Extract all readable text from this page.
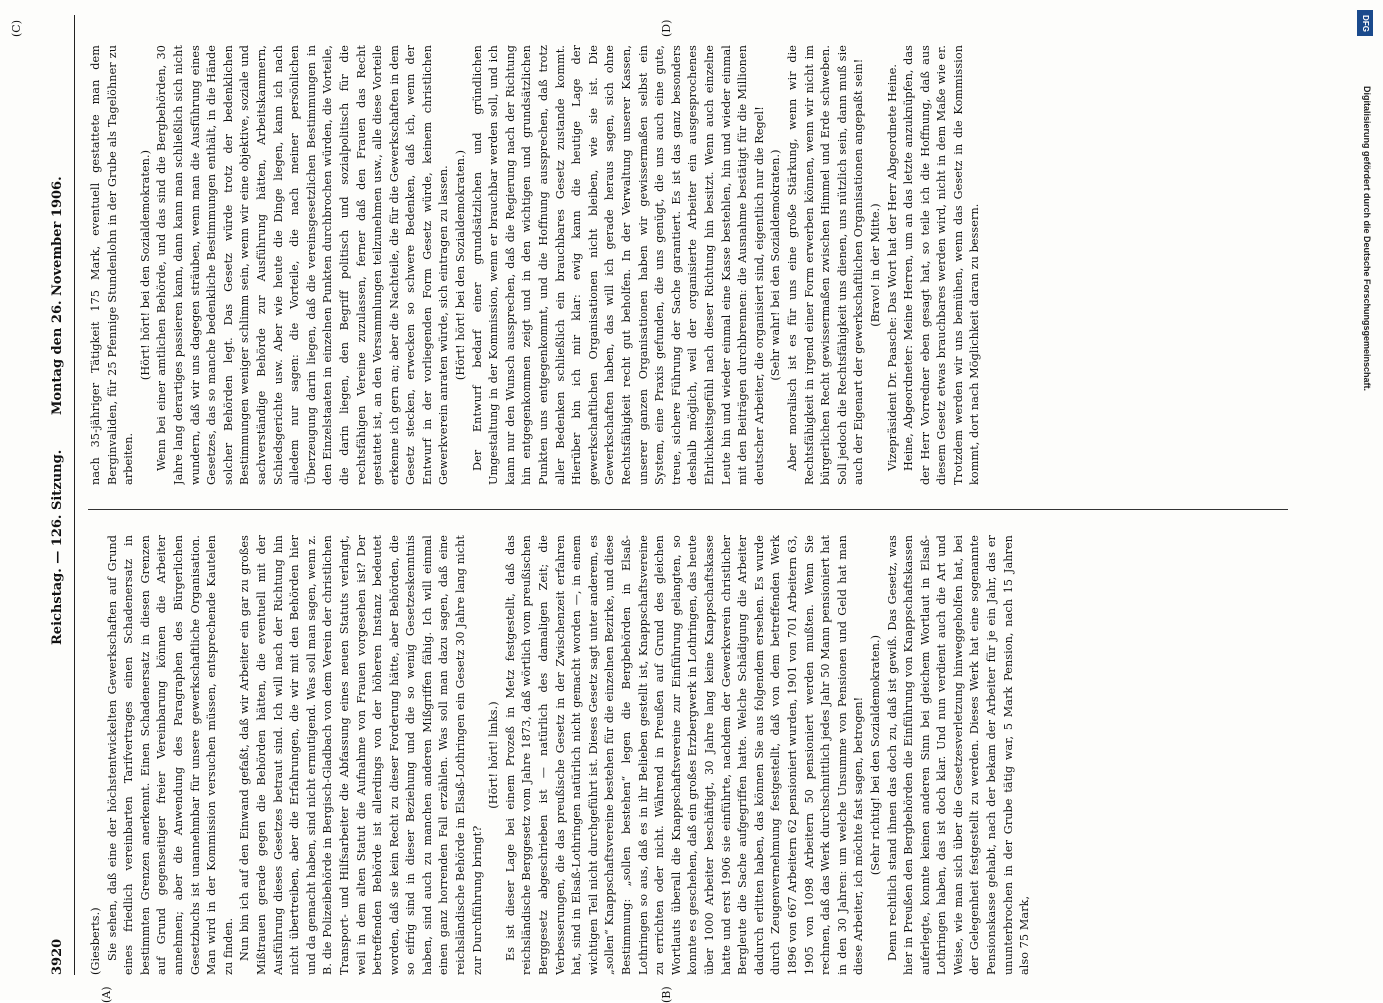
3920
Reichstag. — 126. Sitzung.
Montag den 26. November 1906.
(A)	(B)
(C)	(D)

(Giesberts.) Sie sehen, daß eine der höchstentwickelten Gewerkschaften auf Grund eines friedlich vereinbarten Tarifvertrages einen Schadenersatz in bestimmten Grenzen anerkennt. Einen Schadenersatz in diesen Grenzen auf Grund gegenseitiger freier Vereinbarung können die Arbeiter annehmen; aber die Anwendung des Paragraphen des Bürgerlichen Gesetzbuchs ist unannehmbar für unsere gewerkschaftliche Organisation. Man wird in der Kommission versuchen müssen, entsprechende Kautelen zu finden. Nun bin ich auf den Einwand gefaßt, daß wir Arbeiter ein gar zu großes Mißtrauen gerade gegen die Behörden hätten, die eventuell mit der Ausführung dieses Gesetzes betraut sind. Ich will nach der Richtung hin nicht übertreiben, aber die Erfahrungen, die wir mit den Behörden hier und da gemacht haben, sind nicht ermutigend. Was soll man sagen, wenn z. B. die Polizeibehörde in Bergisch-Gladbach von dem Verein der christlichen Transport- und Hilfsarbeiter die Abfassung eines neuen Statuts verlangt, weil in dem alten Statut die Aufnahme von Frauen vorgesehen ist? Der betreffenden Behörde ist allerdings von der höheren Instanz bedeutet worden, daß sie kein Recht zu dieser Forderung hätte, aber Behörden, die so eifrig sind in dieser Beziehung und die so wenig Gesetzeskenntnis haben, sind auch zu manchen anderen Mißgriffen fähig. Ich will einmal einen ganz horrenden Fall erzählen. Was soll man dazu sagen, daß eine reichsländische Behörde in Elsaß-Lothringen ein Gesetz 30 Jahre lang nicht zur Durchführung bringt?

(Hört! hört! links.) Es ist dieser Lage bei einem Prozeß in Metz festgestellt, daß das reichsländische Berggesetz vom Jahre 1873, daß wörtlich vom preußischen Berggesetz abgeschrieben ist — natürlich des damaligen Zeit; die Verbesserungen, die das preußische Gesetz in der Zwischenzeit erfahren hat, sind in Elsaß-Lothringen natürlich nicht gemacht worden —, in einem wichtigen Teil nicht durchgeführt ist. Dieses Gesetz sagt unter anderem, es „sollen“ Knappschaftsvereine bestehen für die einzelnen Bezirke, und diese Bestimmung: „sollen bestehen“ legen die Bergbehörden in Elsaß-Lothringen so aus, daß es in ihr Belieben gestellt ist, Knappschaftsvereine zu errichten oder nicht. Während in Preußen auf Grund des gleichen Wortlauts überall die Knappschaftsvereine zur Einführung gelangten, so konnte es geschehen, daß ein großes Erzbergwerk in Lothringen, das heute über 1000 Arbeiter beschäftigt, 30 Jahre lang keine Knappschaftskasse hatte und erst 1906 sie einführte, nachdem der Gewerkverein christlicher Bergleute die Sache aufgegriffen hatte. Welche Schädigung die Arbeiter dadurch erlitten haben, das können Sie aus folgendem ersehen. Es wurde durch Zeugenvernehmung festgestellt, daß von dem betreffenden Werk 1896 von 667 Arbeitern 62 pensioniert wurden, 1901 von 701 Arbeitern 63, 1905 von 1098 Arbeitern 50 pensioniert werden mußten. Wenn Sie rechnen, daß das Werk durchschnittlich jedes Jahr 50 Mann pensioniert hat in den 30 Jahren: um welche Unsumme von Pensionen und Geld hat man diese Arbeiter, ich möchte fast sagen, betrogen! (Sehr richtig! bei den Sozialdemokraten.) Denn rechtlich stand ihnen das doch zu, daß ist gewiß. Das Gesetz, was hier in Preußen den Bergbehörden die Einführung von Knappschaftskassen auferlegte, konnte keinen anderen Sinn bei gleichem Wortlaut in Elsaß-Lothringen haben, das ist doch klar. Und nun verdient auch die Art und Weise, wie man sich über die Gesetzesverletzung hinweggeholfen hat, bei der Gelegenheit festgestellt zu werden. Dieses Werk hat eine sogenannte Pensionskasse gehabt, nach der bekam der Arbeiter für je ein Jahr, das er ununterbrochen in der Grube tätig war, 5 Mark Pension, nach 15 Jahren also 75 Mark,

nach 35-jähriger Tätigkeit 175 Mark, eventuell gestattete man dem Berginvaliden, für 25 Pfennige Stundenlohn in der Grube als Tagelöhner zu arbeiten.

(Hört! hört! bei den Sozialdemokraten.) Wenn bei einer amtlichen Behörde, und das sind die Bergbehörden, 30 Jahre lang derartiges passieren kann, dann kann man schließlich sich nicht wundern, daß wir uns dagegen sträuben, wenn man die Ausführung eines Gesetzes, das so manche bedenkliche Bestimmungen enthält, in die Hände solcher Behörden legt. Das Gesetz würde trotz der bedenklichen Bestimmungen weniger schlimm sein, wenn wir eine objektive, soziale und sachverständige Behörde zur Ausführung hätten, Arbeitskammern, Schiedsgerichte usw. Aber wie heute die Dinge liegen, kann ich nach alledem nur sagen: die Vorteile, die nach meiner persönlichen Überzeugung darin liegen, daß die vereinsgesetzlichen Bestimmungen in den Einzelstaaten in einzelnen Punkten durchbrochen würden, die Vorteile, die darin liegen, den Begriff politisch und sozialpolitisch für die rechtsfähigen Vereine zuzulassen, ferner daß den Frauen das Recht gestattet ist, an den Versammlungen teilzunehmen usw., alle diese Vorteile erkenne ich gern an; aber die Nachteile, die für die Gewerkschaften in dem Gesetz stecken, erwecken so schwere Bedenken, daß ich, wenn der Entwurf in der vorliegenden Form Gesetz würde, keinem christlichen Gewerkverein anraten würde, sich eintragen zu lassen. (Hört! hört! bei den Sozialdemokraten.) Der Entwurf bedarf einer grundsätzlichen und gründlichen Umgestaltung in der Kommission, wenn er brauchbar werden soll, und ich kann nur den Wunsch aussprechen, daß die Regierung nach der Richtung hin entgegenkommen zeigt und in den wichtigen und grundsätzlichen Punkten uns entgegenkommt, und die Hoffnung aussprechen, daß trotz aller Bedenken schließlich ein brauchbares Gesetz zustande kommt. Hierüber bin ich mir klar: ewig kann die heutige Lage der gewerkschaftlichen Organisationen nicht bleiben, wie sie ist. Die Gewerkschaften haben, das will ich gerade heraus sagen, sich ohne Rechtsfähigkeit recht gut beholfen. In der Verwaltung unserer Kassen, unserer ganzen Organisationen haben wir gewissermaßen selbst ein System, eine Praxis gefunden, die uns genügt, die uns auch eine gute, treue, sichere Führung der Sache garantiert. Es ist das ganz besonders deshalb möglich, weil der organisierte Arbeiter ein ausgesprochenes Ehrlichkeitsgefühl nach dieser Richtung hin besitzt. Wenn auch einzelne Leute hin und wieder einmal eine Kasse bestehlen, hin und wieder einmal mit den Beiträgen durchbrennen: die Ausnahme bestätigt für die Millionen deutscher Arbeiter, die organisiert sind, eigentlich nur die Regel! (Sehr wahr! bei den Sozialdemokraten.) Aber moralisch ist es für uns eine große Stärkung, wenn wir die Rechtsfähigkeit in irgend einer Form erwerben können, wenn wir nicht im bürgerlichen Recht gewissermaßen zwischen Himmel und Erde schweben. Soll jedoch die Rechtsfähigkeit uns dienen, uns nützlich sein, dann muß sie auch der Eigenart der gewerkschaftlichen Organisationen angepaßt sein! (Bravo! in der Mitte.) Vizepräsident Dr. Paasche: Das Wort hat der Herr Abgeordnete Heine. Heine, Abgeordneter: Meine Herren, um an das letzte anzuknüpfen, das der Herr Vorredner eben gesagt hat, so teile ich die Hoffnung, daß aus diesem Gesetz etwas brauchbares werden wird, nicht in dem Maße wie er. Trotzdem werden wir uns bemühen, wenn das Gesetz in die Kommission kommt, dort nach Möglichkeit daran zu bessern.

DFG
Digitalisierung gefördert durch die Deutsche Forschungsgemeinschaft.
